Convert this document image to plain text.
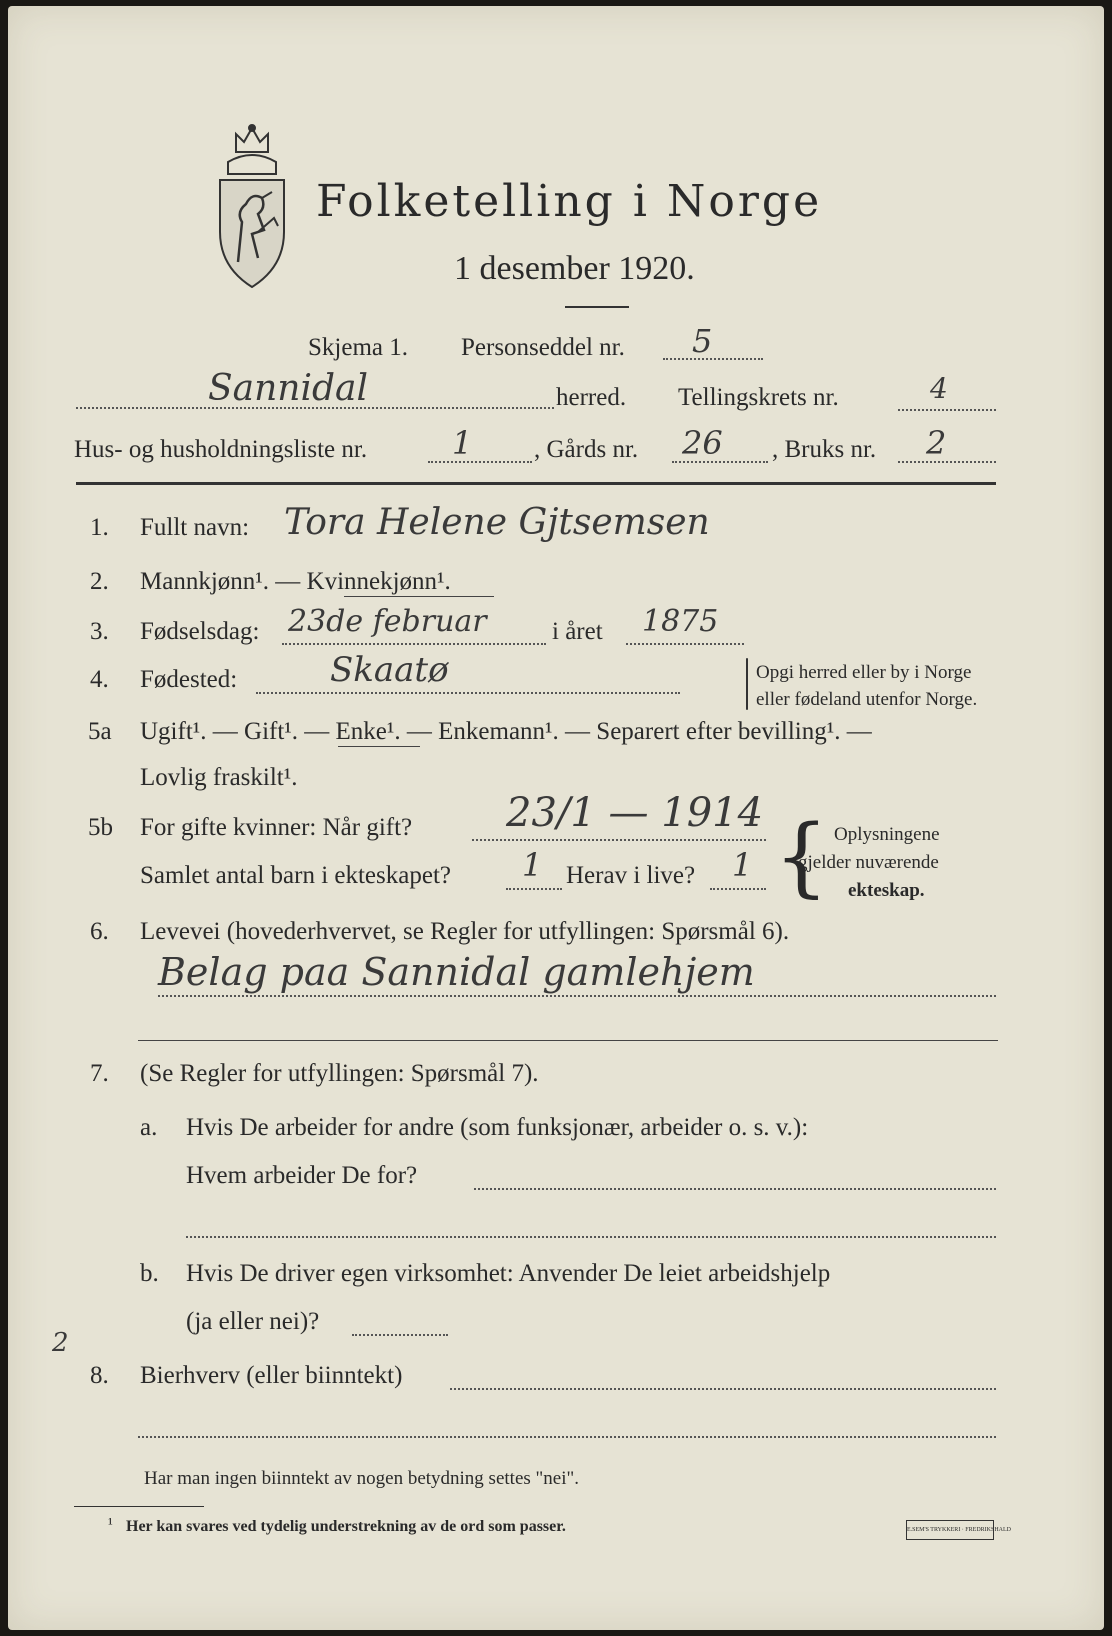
Folketelling i Norge
1 desember 1920.
Skjema 1. Personseddel nr. 5
Sannidal	herred. Tellingskrets nr.	4
Hus- og husholdningsliste nr.	1 , Gårds nr. 26 , Bruks nr. 2
1. Fullt navn: Tora Helene Gjtsemsen
2. Mannkjønn¹. — Kvinnekjønn¹.
3. Fødselsdag: 23de februar	i året 1875
4. Fødested:	Skaatø	Opgi herred eller by i Norge
eller fødeland utenfor Norge.
5a Ugift¹. — Gift¹. — Enke¹. — Enkemann¹. — Separert efter bevilling¹. —
Lovlig fraskilt¹.
5b For gifte kvinner: Når gift? 23/1 — 1914
Samlet antal barn i ekteskapet? 1 Herav i live? 1 { Oplysningene
gjelder nuværende
ekteskap.
6. Levevei (hovederhvervet, se Regler for utfyllingen: Spørsmål 6).
Belag paa Sannidal gamlehjem
7. (Se Regler for utfyllingen: Spørsmål 7).
a. Hvis De arbeider for andre (som funksjonær, arbeider o. s. v.):
Hvem arbeider De for?
b. Hvis De driver egen virksomhet: Anvender De leiet arbeidshjelp
(ja eller nei)?
2
8. Bierhverv (eller biinntekt)
Har man ingen biinntekt av nogen betydning settes "nei".
¹ Her kan svares ved tydelig understrekning av de ord som passer.	E.SEM'S TRYKKERI · FREDRIKSHALD
